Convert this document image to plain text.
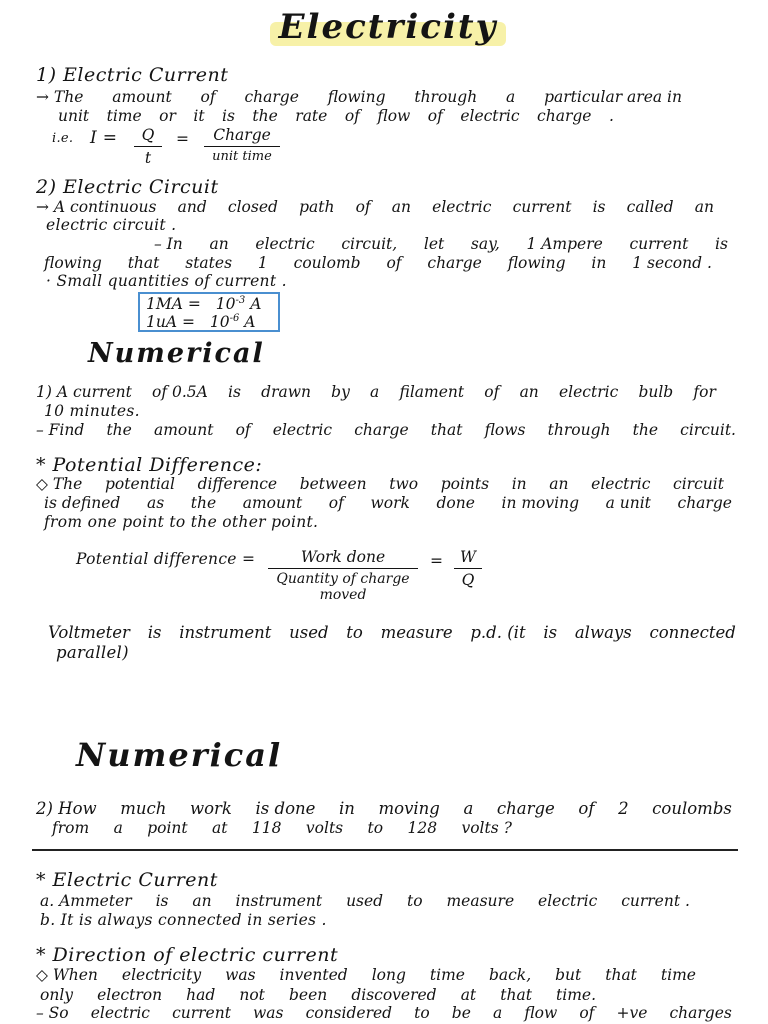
Electricity
1) Electric Current
→ The amount of charge flowing through a particular area in
unit time or it is the rate of flow of electric charge .
i.e. $I = \frac{Q}{t}$ =	Charge
unit time
2) Electric Circuit
→ A continuous and closed path of an electric current is called an
electric circuit .
– In an electric circuit, let say, 1 Ampere current is
flowing that states 1 coulomb of charge flowing in 1 second .
· Small quantities of current .
$1MA = 10^{-3}$ A
$1uA = 10^{-6}$ A
Numerical
1) A current of 0.5A is drawn by a filament of an electric bulb for
10 minutes.
– Find the amount of electric charge that flows through the circuit.
* Potential Difference:
◇ The potential difference between two points in an electric circuit
is defined as the amount of work done in moving a unit charge
from one point to the other point.
Potential difference =	Work done
Quantity of charge
moved
= $\frac{W}{Q}$
Voltmeter is instrument used to measure p.d. (it is always connected
parallel)
Numerical
2) How much work is done in moving a charge of 2 coulombs
from a point at 118 volts to 128 volts ?
* Electric Current
a. Ammeter is an instrument used to measure electric current .
b. It is always connected in series .
* Direction of electric current
◇ When electricity was invented long time back, but that time
only electron had not been discovered at that time.
– So electric current was considered to be a flow of +ve charges
